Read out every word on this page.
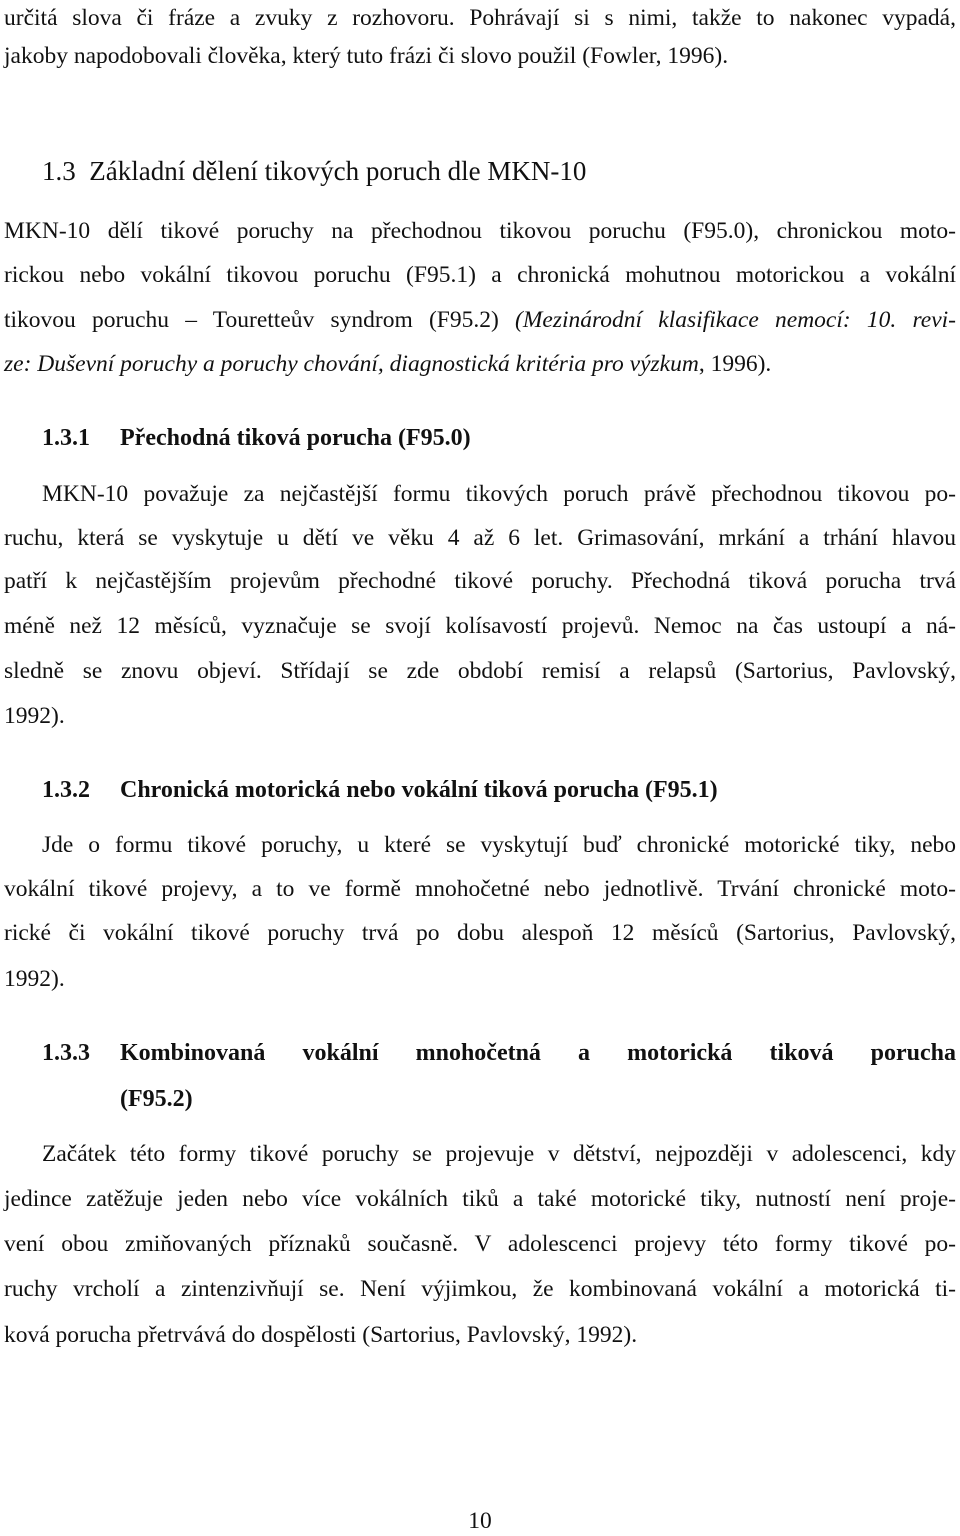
určitá slova či fráze a zvuky z rozhovoru. Pohrávají si s nimi, takže to nakonec vypadá,
jakoby napodobovali člověka, který tuto frázi či slovo použil (Fowler, 1996).
1.3 Základní dělení tikových poruch dle MKN-10
MKN-10 dělí tikové poruchy na přechodnou tikovou poruchu (F95.0), chronickou moto-
rickou nebo vokální tikovou poruchu (F95.1) a chronická mohutnou motorickou a vokální
tikovou poruchu – Touretteův syndrom (F95.2) (Mezinárodní klasifikace nemocí: 10. revi-
ze: Duševní poruchy a poruchy chování, diagnostická kritéria pro výzkum, 1996).
1.3.1 Přechodná tiková porucha (F95.0)
MKN-10 považuje za nejčastější formu tikových poruch právě přechodnou tikovou po-
ruchu, která se vyskytuje u dětí ve věku 4 až 6 let. Grimasování, mrkání a trhání hlavou
patří k nejčastějším projevům přechodné tikové poruchy. Přechodná tiková porucha trvá
méně než 12 měsíců, vyznačuje se svojí kolísavostí projevů. Nemoc na čas ustoupí a ná-
sledně se znovu objeví. Střídají se zde období remisí a relapsů (Sartorius, Pavlovský,
1992).
1.3.2 Chronická motorická nebo vokální tiková porucha (F95.1)
Jde o formu tikové poruchy, u které se vyskytují buď chronické motorické tiky, nebo
vokální tikové projevy, a to ve formě mnohočetné nebo jednotlivě. Trvání chronické moto-
rické či vokální tikové poruchy trvá po dobu alespoň 12 měsíců (Sartorius, Pavlovský,
1992).
1.3.3 Kombinovaná vokální mnohočetná a motorická tiková porucha
(F95.2)
Začátek této formy tikové poruchy se projevuje v dětství, nejpozději v adolescenci, kdy
jedince zatěžuje jeden nebo více vokálních tiků a také motorické tiky, nutností není proje-
vení obou zmiňovaných příznaků současně. V adolescenci projevy této formy tikové po-
ruchy vrcholí a zintenzivňují se. Není výjimkou, že kombinovaná vokální a motorická ti-
ková porucha přetrvává do dospělosti (Sartorius, Pavlovský, 1992).
10
